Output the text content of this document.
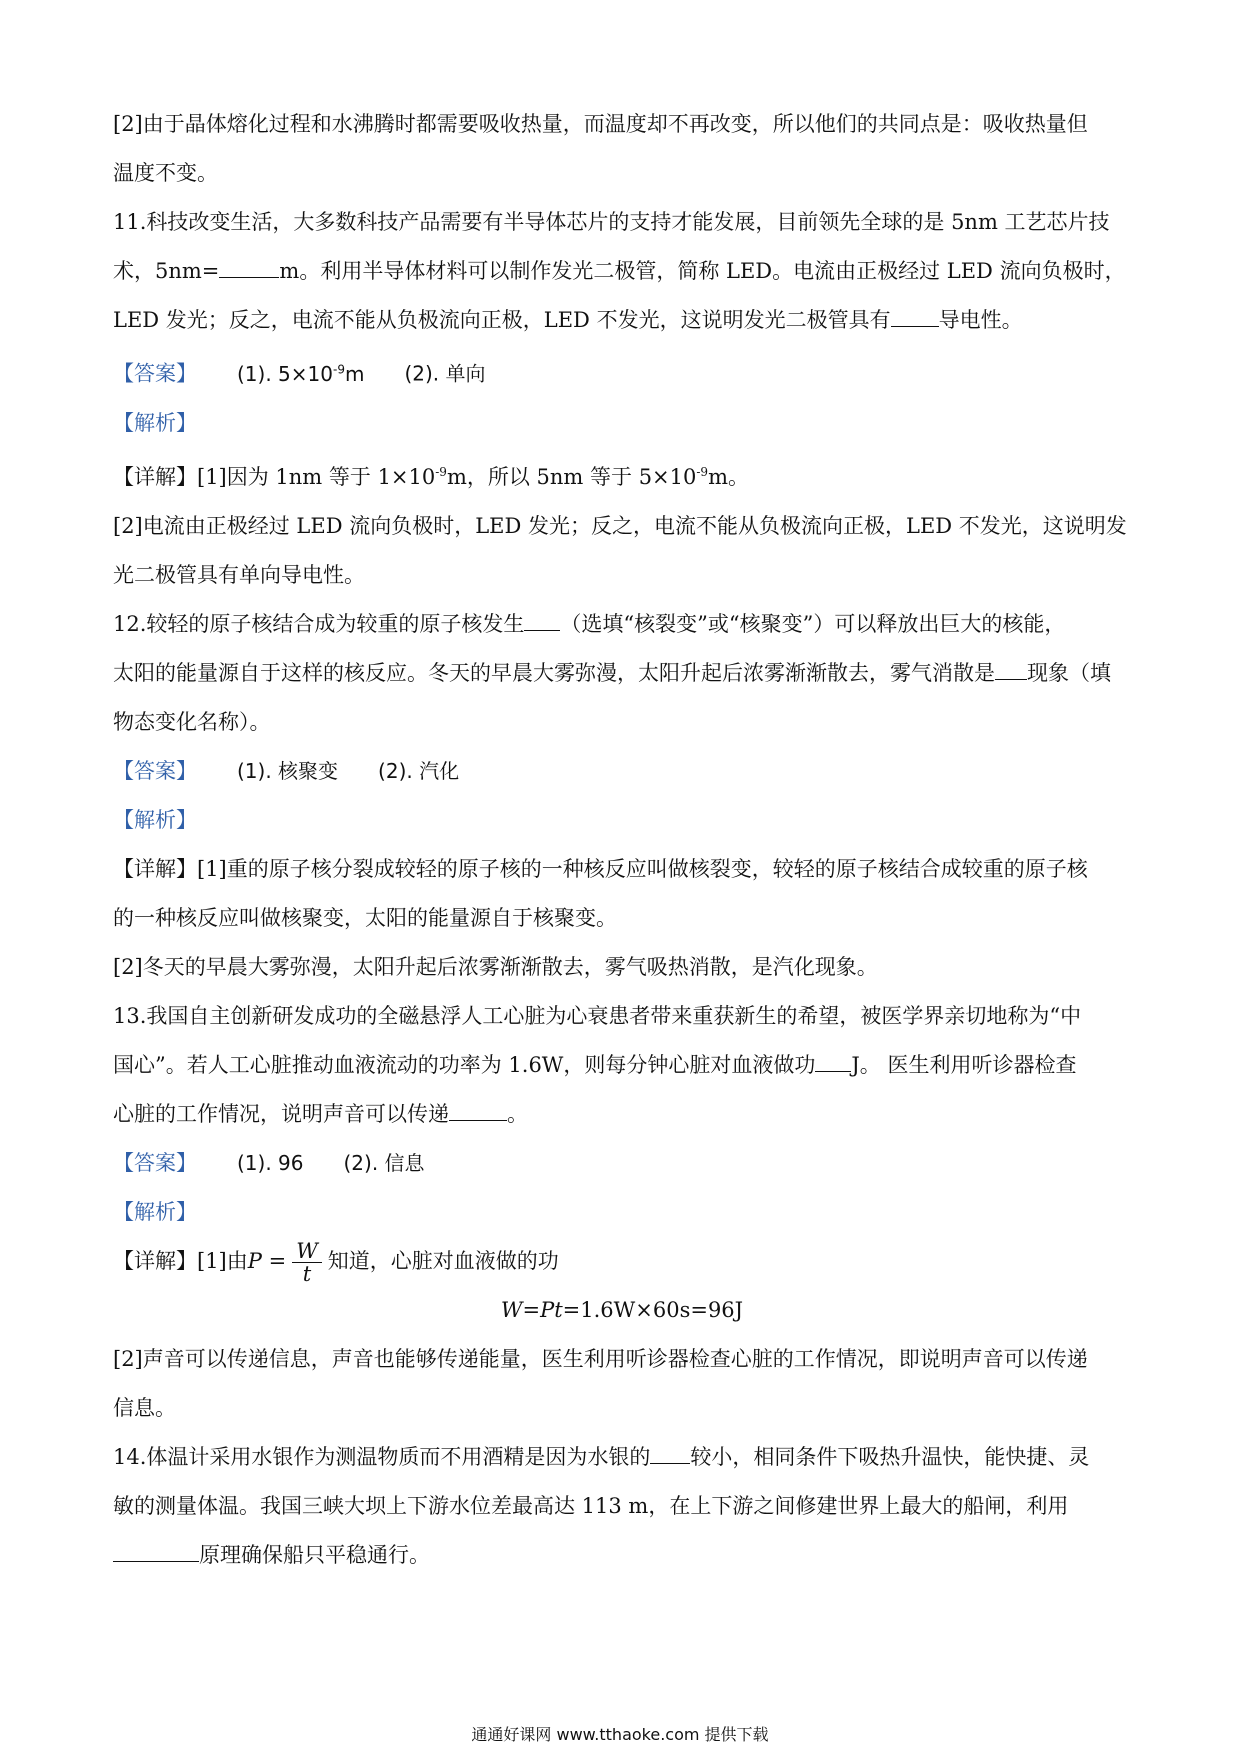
[2]由于晶体熔化过程和水沸腾时都需要吸收热量，而温度却不再改变，所以他们的共同点是：吸收热量但

温度不变。

11.科技改变生活，大多数科技产品需要有半导体芯片的支持才能发展，目前领先全球的是 5nm 工艺芯片技

术，5nm=	m。利用半导体材料可以制作发光二极管，简称 LED。电流由正极经过 LED 流向负极时，

LED 发光；反之，电流不能从负极流向正极，LED 不发光，这说明发光二极管具有 导电性。

【答案】 (1). $5\times 10^{-9}m$ (2). 单向

【解析】

【详解】[1]因为 1nm 等于 $1\times 10^{-9}m$，所以 5nm 等于 $5\times 10^{-9}m$。

[2]电流由正极经过 LED 流向负极时，LED 发光；反之，电流不能从负极流向正极，LED 不发光，这说明发

光二极管具有单向导电性。

12.较轻的原子核结合成为较重的原子核发生 （选填“核裂变”或“核聚变”）可以释放出巨大的核能，

太阳的能量源自于这样的核反应。冬天的早晨大雾弥漫，太阳升起后浓雾渐渐散去，雾气消散是 现象（填

物态变化名称）。

【答案】 (1). 核聚变 (2). 汽化

【解析】

【详解】[1]重的原子核分裂成较轻的原子核的一种核反应叫做核裂变，较轻的原子核结合成较重的原子核

的一种核反应叫做核聚变，太阳的能量源自于核聚变。

[2]冬天的早晨大雾弥漫，太阳升起后浓雾渐渐散去，雾气吸热消散，是汽化现象。

13.我国自主创新研发成功的全磁悬浮人工心脏为心衰患者带来重获新生的希望，被医学界亲切地称为“中

国心”。若人工心脏推动血液流动的功率为 1.6W，则每分钟心脏对血液做功 J。 医生利用听诊器检查

心脏的工作情况，说明声音可以传递	。

【答案】 (1). 96 (2). 信息

【解析】

【详解】[1]由$P = \frac{W}{t}$ 知道，心脏对血液做的功

W=Pt=1.6W×60s=96J

[2]声音可以传递信息，声音也能够传递能量，医生利用听诊器检查心脏的工作情况，即说明声音可以传递

信息。

14.体温计采用水银作为测温物质而不用酒精是因为水银的 较小，相同条件下吸热升温快，能快捷、灵

敏的测量体温。我国三峡大坝上下游水位差最高达 113 m，在上下游之间修建世界上最大的船闸，利用

原理确保船只平稳通行。

通通好课网 www.tthaoke.com 提供下载
